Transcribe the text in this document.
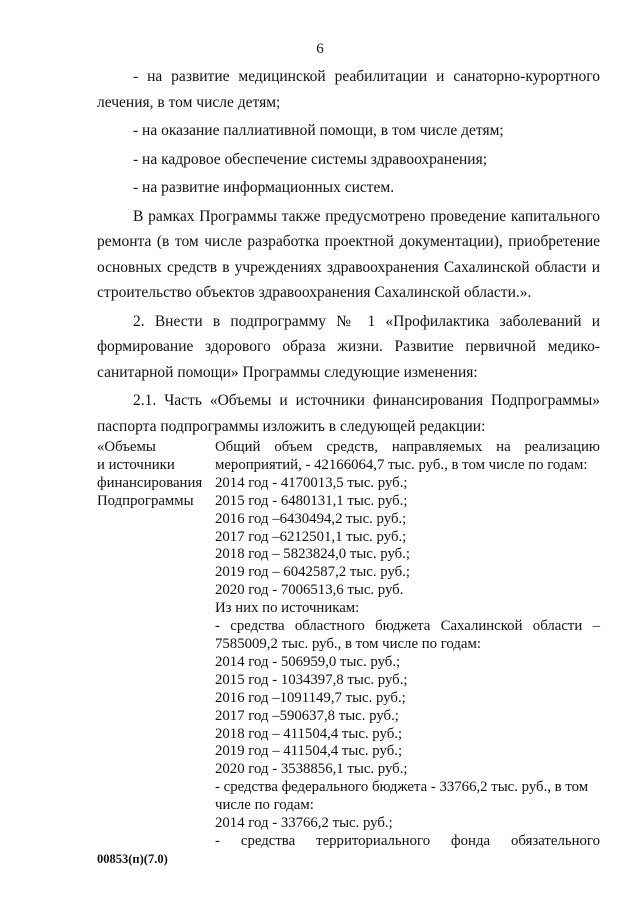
6

- на развитие медицинской реабилитации и санаторно-курортного лечения, в том числе детям;

- на оказание паллиативной помощи, в том числе детям;

- на кадровое обеспечение системы здравоохранения;

- на развитие информационных систем.

В рамках Программы также предусмотрено проведение капитального ремонта (в том числе разработка проектной документации), приобретение основных средств в учреждениях здравоохранения Сахалинской области и строительство объектов здравоохранения Сахалинской области.».

2. Внести в подпрограмму № 1 «Профилактика заболеваний и формирование здорового образа жизни. Развитие первичной медико-санитарной помощи» Программы следующие изменения:

2.1. Часть «Объемы и источники финансирования Подпрограммы» паспорта подпрограммы изложить в следующей редакции:

«Объемы
и источники
финансирования
Подпрограммы
Общий объем средств, направляемых на реализацию мероприятий, - 42166064,7 тыс. руб., в том числе по годам:
2014 год - 4170013,5 тыс. руб.;
2015 год - 6480131,1 тыс. руб.;
2016 год –6430494,2 тыс. руб.;
2017 год –6212501,1 тыс. руб.;
2018 год – 5823824,0 тыс. руб.;
2019 год – 6042587,2 тыс. руб.;
2020 год - 7006513,6 тыс. руб.
Из них по источникам:
- средства областного бюджета Сахалинской области – 7585009,2 тыс. руб., в том числе по годам:
2014 год - 506959,0 тыс. руб.;
2015 год - 1034397,8 тыс. руб.;
2016 год –1091149,7 тыс. руб.;
2017 год –590637,8 тыс. руб.;
2018 год – 411504,4 тыс. руб.;
2019 год – 411504,4 тыс. руб.;
2020 год - 3538856,1 тыс. руб.;
- средства федерального бюджета - 33766,2 тыс. руб., в том числе по годам:
2014 год - 33766,2 тыс. руб.;
- средства территориального фонда обязательного
00853(п)(7.0)
